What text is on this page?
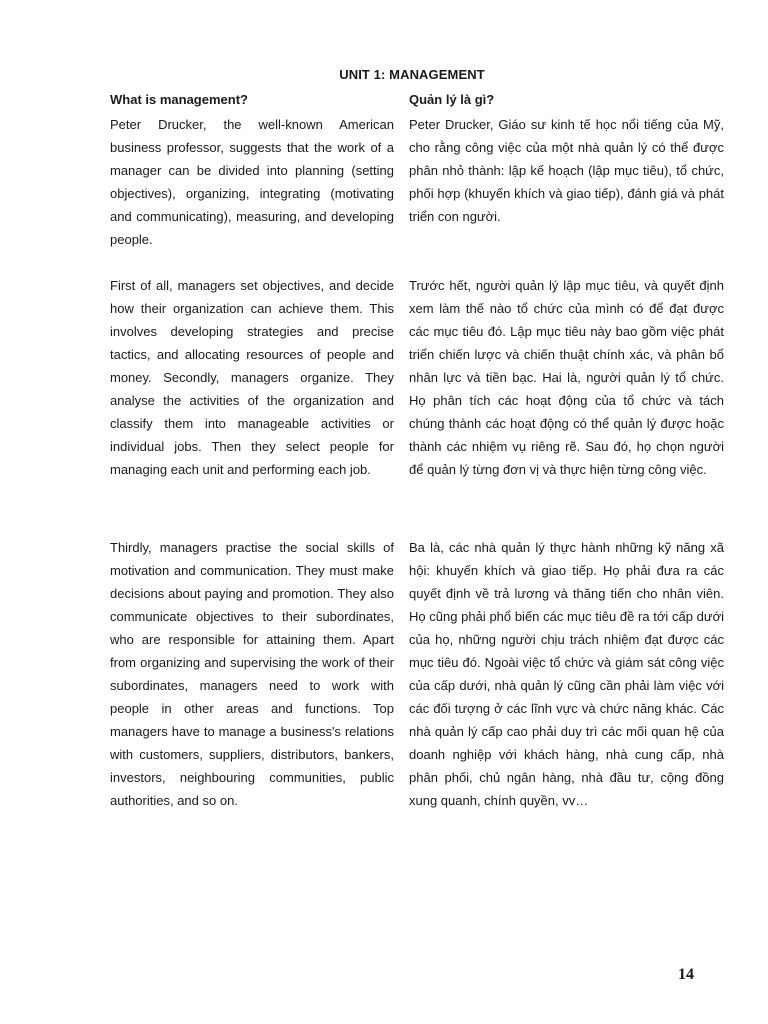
UNIT 1: MANAGEMENT
What is management?	Quản lý là gì?

Peter Drucker, the well-known American business professor, suggests that the work of a manager can be divided into planning (setting objectives), organizing, integrating (motivating and communicating), measuring, and developing people.

Peter Drucker, Giáo sư kinh tế học nổi tiếng của Mỹ, cho rằng công việc của một nhà quản lý có thể được phân nhỏ thành: lập kế hoạch (lập mục tiêu), tổ chức, phối hợp (khuyến khích và giao tiếp), đánh giá và phát triển con người.

First of all, managers set objectives, and decide how their organization can achieve them. This involves developing strategies and precise tactics, and allocating resources of people and money. Secondly, managers organize. They analyse the activities of the organization and classify them into manageable activities or individual jobs. Then they select people for managing each unit and performing each job.

Trước hết, người quản lý lập mục tiêu, và quyết định xem làm thế nào tổ chức của mình có để đạt được các mục tiêu đó. Lập mục tiêu này bao gồm việc phát triển chiến lược và chiến thuật chính xác, và phân bổ nhân lực và tiền bạc. Hai là, người quản lý tổ chức. Họ phân tích các hoạt động của tổ chức và tách chúng thành các hoạt động có thể quản lý được hoặc thành các nhiệm vụ riêng rẽ. Sau đó, họ chọn người để quản lý từng đơn vị và thực hiện từng công việc.

Thirdly, managers practise the social skills of motivation and communication. They must make decisions about paying and promotion. They also communicate objectives to their subordinates, who are responsible for attaining them. Apart from organizing and supervising the work of their subordinates, managers need to work with people in other areas and functions. Top managers have to manage a business's relations with customers, suppliers, distributors, bankers, investors, neighbouring communities, public authorities, and so on.

Ba là, các nhà quản lý thực hành những kỹ năng xã hội: khuyến khích và giao tiếp. Họ phải đưa ra các quyết định về trả lương và thăng tiến cho nhân viên. Họ cũng phải phổ biến các mục tiêu đề ra tới cấp dưới của họ, những người chịu trách nhiệm đạt được các mục tiêu đó. Ngoài việc tổ chức và giám sát công việc của cấp dưới, nhà quản lý cũng cần phải làm việc với các đối tượng ở các lĩnh vực và chức năng khác. Các nhà quản lý cấp cao phải duy trì các mối quan hệ của doanh nghiệp với khách hàng, nhà cung cấp, nhà phân phối, chủ ngân hàng, nhà đầu tư, cộng đồng xung quanh, chính quyền, vv…

14
